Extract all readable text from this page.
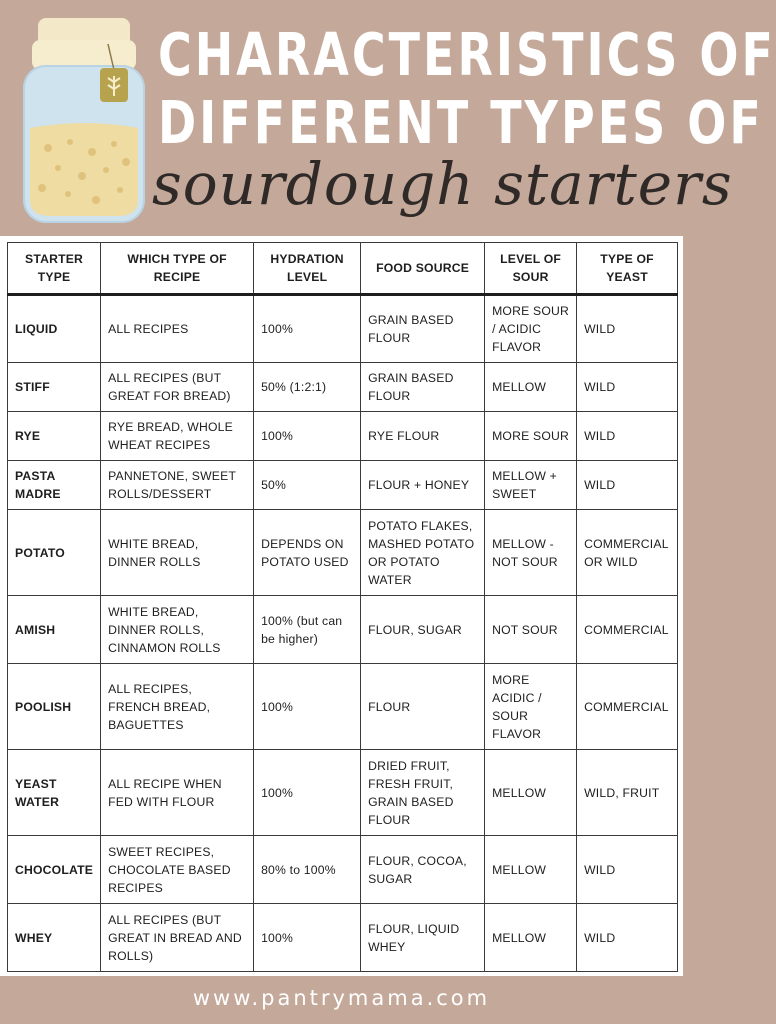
CHARACTERISTICS OF
DIFFERENT TYPES OF
sourdough starters
STARTER TYPE	WHICH TYPE OF RECIPE	HYDRATION LEVEL	FOOD SOURCE	LEVEL OF SOUR	TYPE OF YEAST
LIQUID	ALL RECIPES	100%	GRAIN BASED FLOUR	MORE SOUR / ACIDIC FLAVOR	WILD
STIFF	ALL RECIPES (BUT GREAT FOR BREAD)	50% (1:2:1)	GRAIN BASED FLOUR	MELLOW	WILD
RYE	RYE BREAD, WHOLE WHEAT RECIPES	100%	RYE FLOUR	MORE SOUR	WILD
PASTA MADRE	PANNETONE, SWEET ROLLS/DESSERT	50%	FLOUR + HONEY	MELLOW + SWEET	WILD
POTATO	WHITE BREAD, DINNER ROLLS	DEPENDS ON POTATO USED	POTATO FLAKES, MASHED POTATO OR POTATO WATER	MELLOW - NOT SOUR	COMMERCIAL OR WILD
AMISH	WHITE BREAD, DINNER ROLLS, CINNAMON ROLLS	100% (but can be higher)	FLOUR, SUGAR	NOT SOUR	COMMERCIAL
POOLISH	ALL RECIPES, FRENCH BREAD, BAGUETTES	100%	FLOUR	MORE ACIDIC / SOUR FLAVOR	COMMERCIAL
YEAST WATER	ALL RECIPE WHEN FED WITH FLOUR	100%	DRIED FRUIT, FRESH FRUIT, GRAIN BASED FLOUR	MELLOW	WILD, FRUIT
CHOCOLATE	SWEET RECIPES, CHOCOLATE BASED RECIPES	80% to 100%	FLOUR, COCOA, SUGAR	MELLOW	WILD
WHEY	ALL RECIPES (BUT GREAT IN BREAD AND ROLLS)	100%	FLOUR, LIQUID WHEY	MELLOW	WILD
www.pantrymama.com
